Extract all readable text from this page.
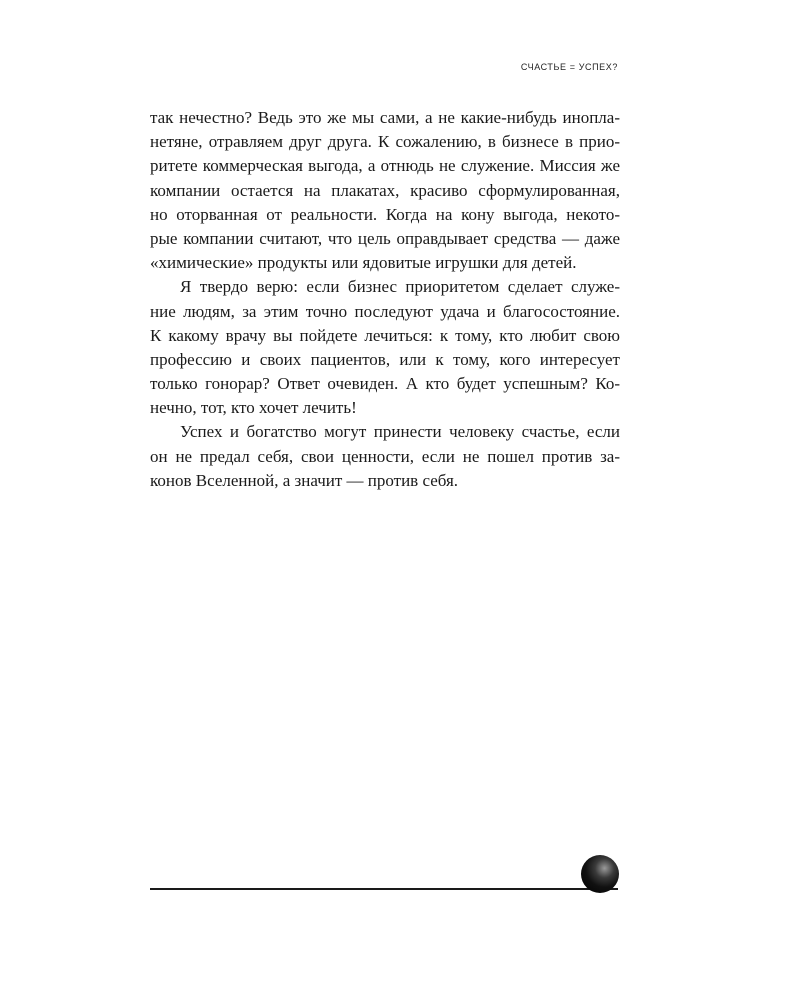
СЧАСТЬЕ = УСПЕХ?
так нечестно? Ведь это же мы сами, а не какие-нибудь инопла-
нетяне, отравляем друг друга. К сожалению, в бизнесе в прио-
ритете коммерческая выгода, а отнюдь не служение. Миссия же
компании остается на плакатах, красиво сформулированная,
но оторванная от реальности. Когда на кону выгода, некото-
рые компании считают, что цель оправдывает средства — даже
«химические» продукты или ядовитые игрушки для детей.
Я твердо верю: если бизнес приоритетом сделает служе-
ние людям, за этим точно последуют удача и благосостояние.
К какому врачу вы пойдете лечиться: к тому, кто любит свою
профессию и своих пациентов, или к тому, кого интересует
только гонорар? Ответ очевиден. А кто будет успешным? Ко-
нечно, тот, кто хочет лечить!
Успех и богатство могут принести человеку счастье, если
он не предал себя, свои ценности, если не пошел против за-
конов Вселенной, а значит — против себя.
